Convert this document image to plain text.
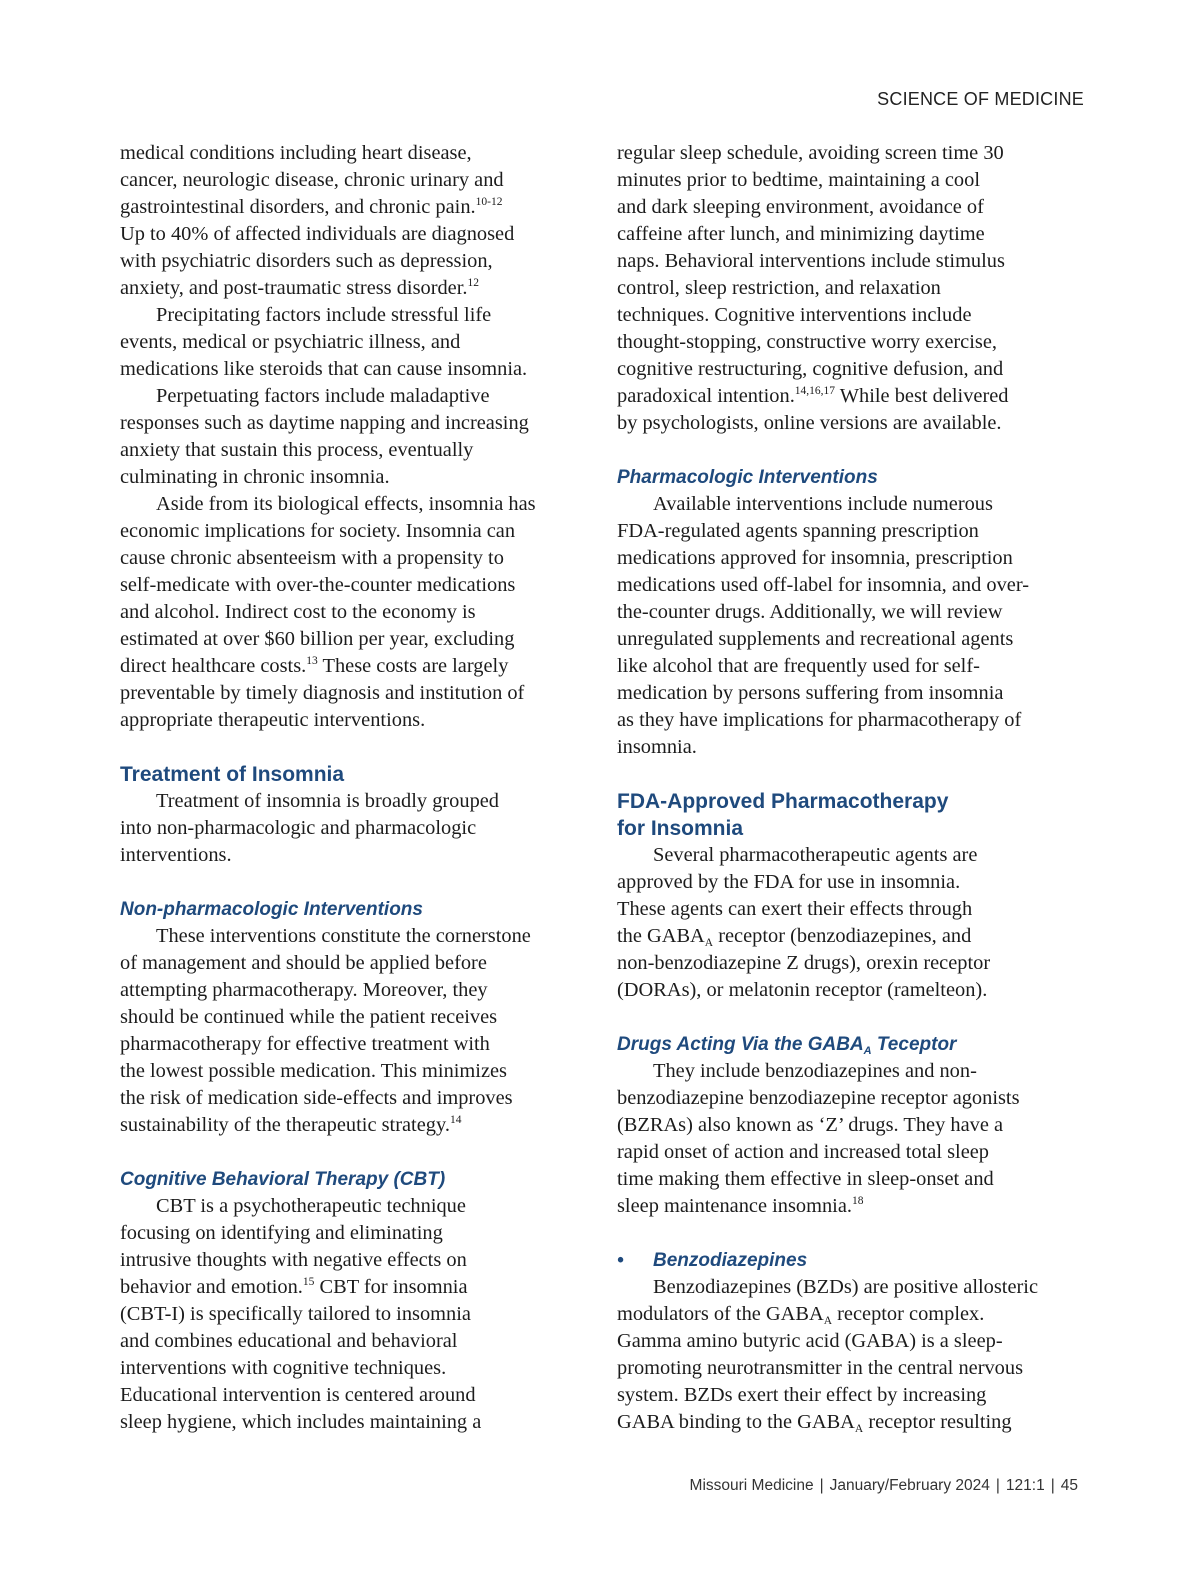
SCIENCE OF MEDICINE
medical conditions including heart disease,
cancer, neurologic disease, chronic urinary and
gastrointestinal disorders, and chronic pain.$^{10-12}$
Up to 40% of affected individuals are diagnosed
with psychiatric disorders such as depression,
anxiety, and post-traumatic stress disorder.$^{12}$
Precipitating factors include stressful life
events, medical or psychiatric illness, and
medications like steroids that can cause insomnia.
Perpetuating factors include maladaptive
responses such as daytime napping and increasing
anxiety that sustain this process, eventually
culminating in chronic insomnia.
Aside from its biological effects, insomnia has
economic implications for society. Insomnia can
cause chronic absenteeism with a propensity to
self-medicate with over-the-counter medications
and alcohol. Indirect cost to the economy is
estimated at over $60 billion per year, excluding
direct healthcare costs.$^{13}$ These costs are largely
preventable by timely diagnosis and institution of
appropriate therapeutic interventions.
Treatment of Insomnia
Treatment of insomnia is broadly grouped
into non-pharmacologic and pharmacologic
interventions.
Non-pharmacologic Interventions
These interventions constitute the cornerstone
of management and should be applied before
attempting pharmacotherapy. Moreover, they
should be continued while the patient receives
pharmacotherapy for effective treatment with
the lowest possible medication. This minimizes
the risk of medication side-effects and improves
sustainability of the therapeutic strategy.$^{14}$
Cognitive Behavioral Therapy (CBT)
CBT is a psychotherapeutic technique
focusing on identifying and eliminating
intrusive thoughts with negative effects on
behavior and emotion.$^{15}$ CBT for insomnia
(CBT-I) is specifically tailored to insomnia
and combines educational and behavioral
interventions with cognitive techniques.
Educational intervention is centered around
sleep hygiene, which includes maintaining a
regular sleep schedule, avoiding screen time 30
minutes prior to bedtime, maintaining a cool
and dark sleeping environment, avoidance of
caffeine after lunch, and minimizing daytime
naps. Behavioral interventions include stimulus
control, sleep restriction, and relaxation
techniques. Cognitive interventions include
thought-stopping, constructive worry exercise,
cognitive restructuring, cognitive defusion, and
paradoxical intention.$^{14,16,17}$ While best delivered
by psychologists, online versions are available.
Pharmacologic Interventions
Available interventions include numerous
FDA-regulated agents spanning prescription
medications approved for insomnia, prescription
medications used off-label for insomnia, and over-
the-counter drugs. Additionally, we will review
unregulated supplements and recreational agents
like alcohol that are frequently used for self-
medication by persons suffering from insomnia
as they have implications for pharmacotherapy of
insomnia.
FDA-Approved Pharmacotherapy
for Insomnia
Several pharmacotherapeutic agents are
approved by the FDA for use in insomnia.
These agents can exert their effects through
the $GABA_A$ receptor (benzodiazepines, and
non-benzodiazepine Z drugs), orexin receptor
(DORAs), or melatonin receptor (ramelteon).
Drugs Acting Via the $GABA_A$ Teceptor
They include benzodiazepines and non-
benzodiazepine benzodiazepine receptor agonists
(BZRAs) also known as ‘Z’ drugs. They have a
rapid onset of action and increased total sleep
time making them effective in sleep-onset and
sleep maintenance insomnia.$^{18}$
• Benzodiazepines
Benzodiazepines (BZDs) are positive allosteric
modulators of the $GABA_A$ receptor complex.
Gamma amino butyric acid (GABA) is a sleep-
promoting neurotransmitter in the central nervous
system. BZDs exert their effect by increasing
GABA binding to the $GABA_A$ receptor resulting
Missouri Medicine | January/February 2024 | 121:1 | 45
